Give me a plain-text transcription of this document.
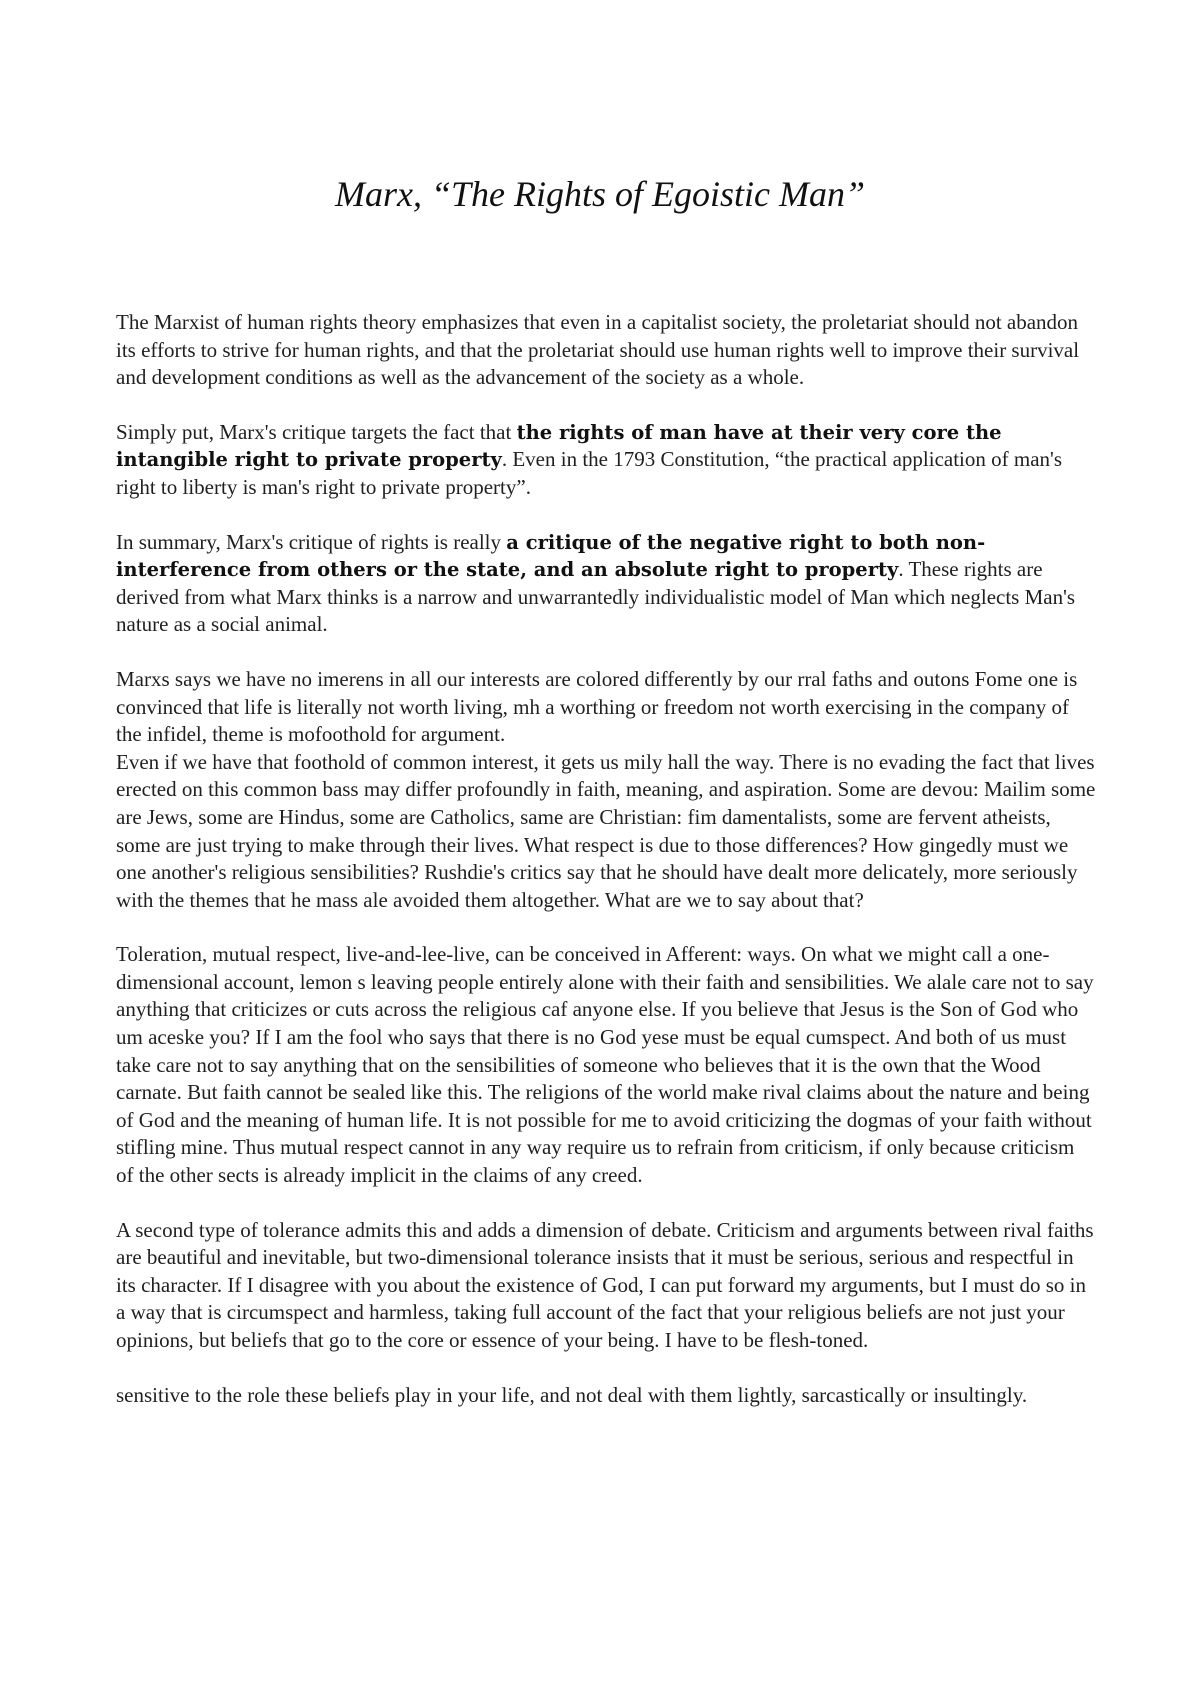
Marx, “The Rights of Egoistic Man”

The Marxist of human rights theory emphasizes that even in a capitalist society, the proletariat should not abandon its efforts to strive for human rights, and that the proletariat should use human rights well to improve their survival and development conditions as well as the advancement of the society as a whole.

Simply put, Marx's critique targets the fact that the rights of man have at their very core the intangible right to private property. Even in the 1793 Constitution, “the practical application of man's right to liberty is man's right to private property”.

In summary, Marx's critique of rights is really a critique of the negative right to both non-interference from others or the state, and an absolute right to property. These rights are derived from what Marx thinks is a narrow and unwarrantedly individualistic model of Man which neglects Man's nature as a social animal.

Marxs says we have no imerens in all our interests are colored differently by our rral faths and outons Fome one is convinced that life is literally not worth living, mh a worthing or freedom not worth exercising in the company of the infidel, theme is mofoothold for argument.

Even if we have that foothold of common interest, it gets us mily hall the way. There is no evading the fact that lives erected on this common bass may differ profoundly in faith, meaning, and aspiration. Some are devou: Mailim some are Jews, some are Hindus, some are Catholics, same are Christian: fim damentalists, some are fervent atheists, some are just trying to make through their lives. What respect is due to those differences? How gingedly must we one another's religious sensibilities? Rushdie's critics say that he should have dealt more delicately, more seriously with the themes that he mass ale avoided them altogether. What are we to say about that?

Toleration, mutual respect, live-and-lee-live, can be conceived in Afferent: ways. On what we might call a one-dimensional account, lemon s leaving people entirely alone with their faith and sensibilities. We alale care not to say anything that criticizes or cuts across the religious caf anyone else. If you believe that Jesus is the Son of God who um aceske you? If I am the fool who says that there is no God yese must be equal cumspect. And both of us must take care not to say anything that on the sensibilities of someone who believes that it is the own that the Wood carnate. But faith cannot be sealed like this. The religions of the world make rival claims about the nature and being of God and the meaning of human life. It is not possible for me to avoid criticizing the dogmas of your faith without stifling mine. Thus mutual respect cannot in any way require us to refrain from criticism, if only because criticism of the other sects is already implicit in the claims of any creed.

A second type of tolerance admits this and adds a dimension of debate. Criticism and arguments between rival faiths are beautiful and inevitable, but two-dimensional tolerance insists that it must be serious, serious and respectful in its character. If I disagree with you about the existence of God, I can put forward my arguments, but I must do so in a way that is circumspect and harmless, taking full account of the fact that your religious beliefs are not just your opinions, but beliefs that go to the core or essence of your being. I have to be flesh-toned.

sensitive to the role these beliefs play in your life, and not deal with them lightly, sarcastically or insultingly.
